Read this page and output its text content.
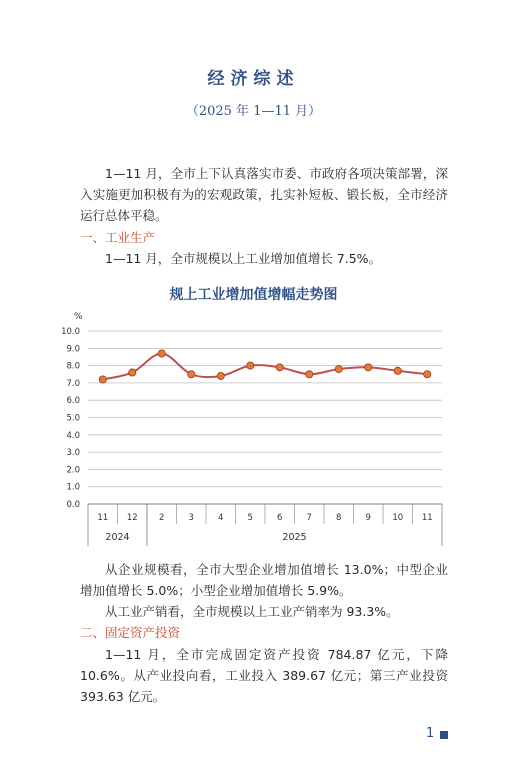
经济综述
（2025 年 1—11 月）

1—11 月，全市上下认真落实市委、市政府各项决策部署，深入实施更加积极有为的宏观政策，扎实补短板、锻长板，全市经济运行总体平稳。

一、工业生产

1—11 月，全市规模以上工业增加值增长 7.5%。

规上工业增加值增幅走势图
%
0.0
1.0
2.0
3.0
4.0
5.0
6.0
7.0
8.0
9.0
10.0
11 12	2	3	4	5	6	7	8	9	10 11
2024	2025

从企业规模看，全市大型企业增加值增长 13.0%；中型企业增加值增长 5.0%；小型企业增加值增长 5.9%。

从工业产销看，全市规模以上工业产销率为 93.3%。

二、固定资产投资

1—11 月，全市完成固定资产投资 784.87 亿元，下降 10.6%。从产业投向看，工业投入 389.67 亿元；第三产业投资 393.63 亿元。

1
